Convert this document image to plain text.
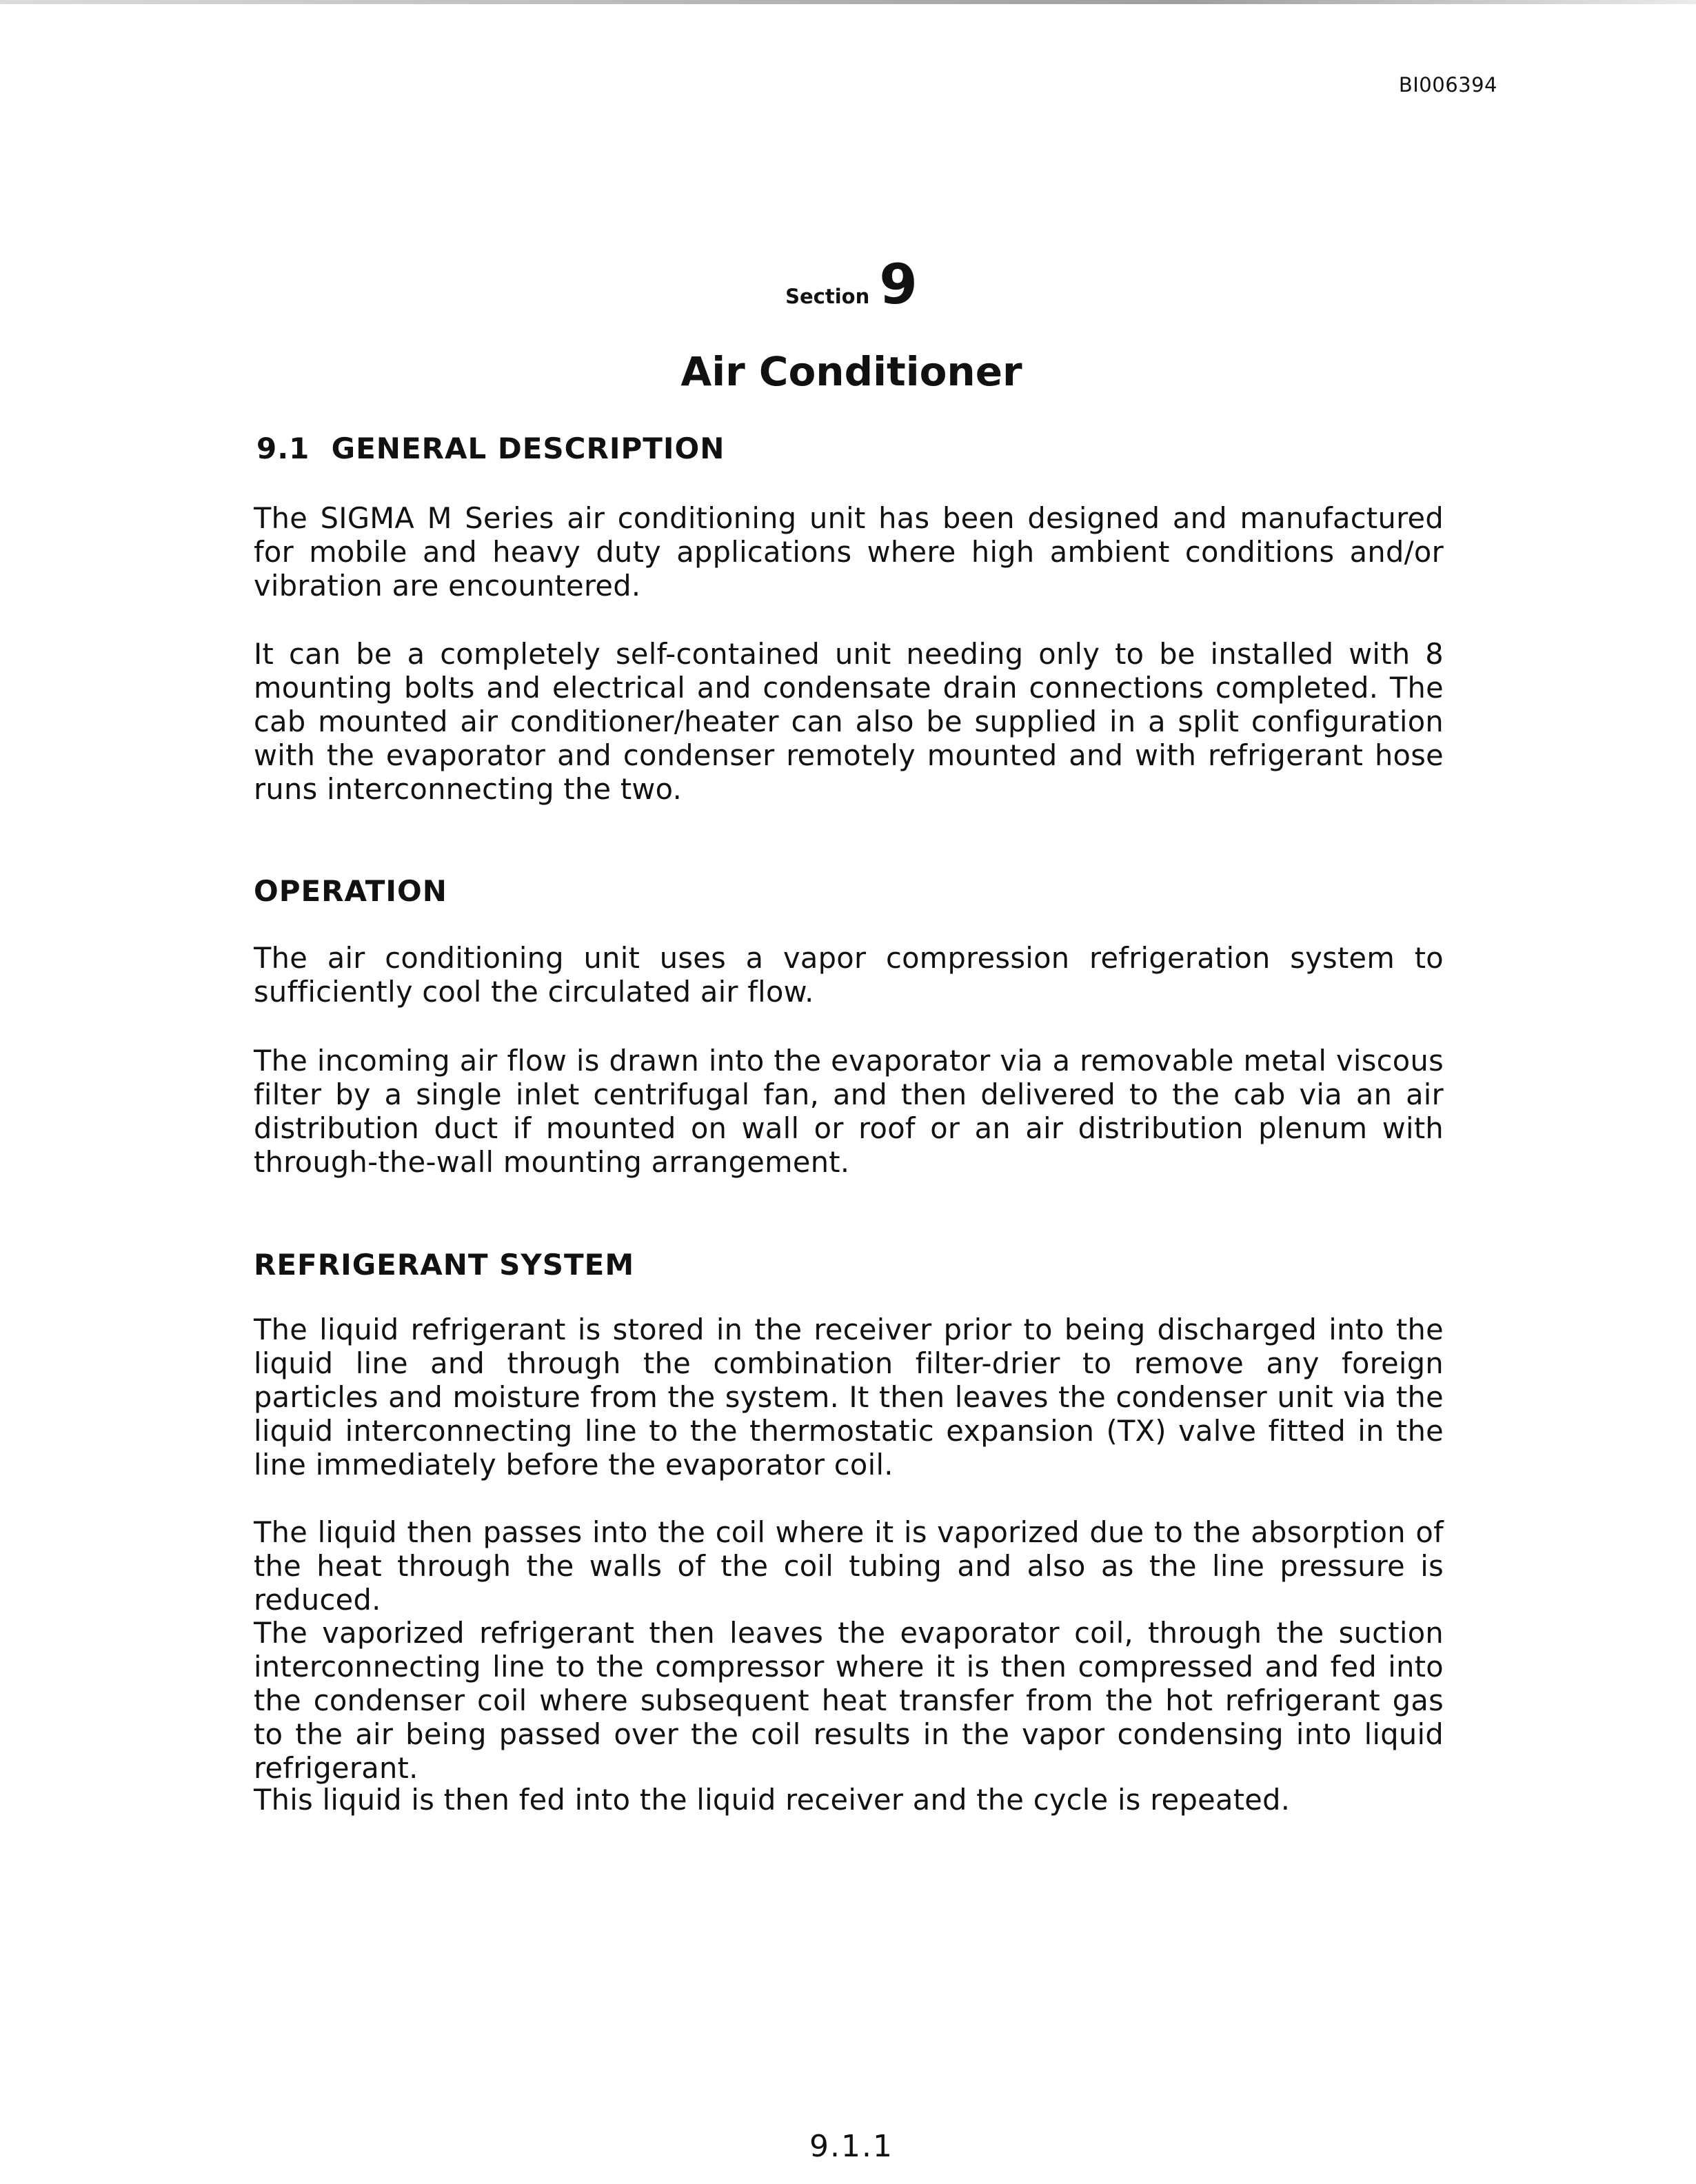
BI006394
Section 9
Air Conditioner
9.1  GENERAL DESCRIPTION
The SIGMA M Series air conditioning unit has been designed and manufactured for mobile and heavy duty applications where high ambient conditions and/or vibration are encountered.
It can be a completely self-contained unit needing only to be installed with 8 mounting bolts and electrical and condensate drain connections completed. The cab mounted air conditioner/heater can also be supplied in a split configuration with the evaporator and condenser remotely mounted and with refrigerant hose runs interconnecting the two.
OPERATION
The air conditioning unit uses a vapor compression refrigeration system to sufficiently cool the circulated air flow.
The incoming air flow is drawn into the evaporator via a removable metal viscous filter by a single inlet centrifugal fan, and then delivered to the cab via an air distribution duct if mounted on wall or roof or an air distribution plenum with through-the-wall mounting arrangement.
REFRIGERANT SYSTEM
The liquid refrigerant is stored in the receiver prior to being discharged into the liquid line and through the combination filter-drier to remove any foreign particles and moisture from the system. It then leaves the condenser unit via the liquid interconnecting line to the thermostatic expansion (TX) valve fitted in the line immediately before the evaporator coil.
The liquid then passes into the coil where it is vaporized due to the absorption of the heat through the walls of the coil tubing and also as the line pressure is reduced.
The vaporized refrigerant then leaves the evaporator coil, through the suction interconnecting line to the compressor where it is then compressed and fed into the condenser coil where subsequent heat transfer from the hot refrigerant gas to the air being passed over the coil results in the vapor condensing into liquid refrigerant.
This liquid is then fed into the liquid receiver and the cycle is repeated.
9.1.1
